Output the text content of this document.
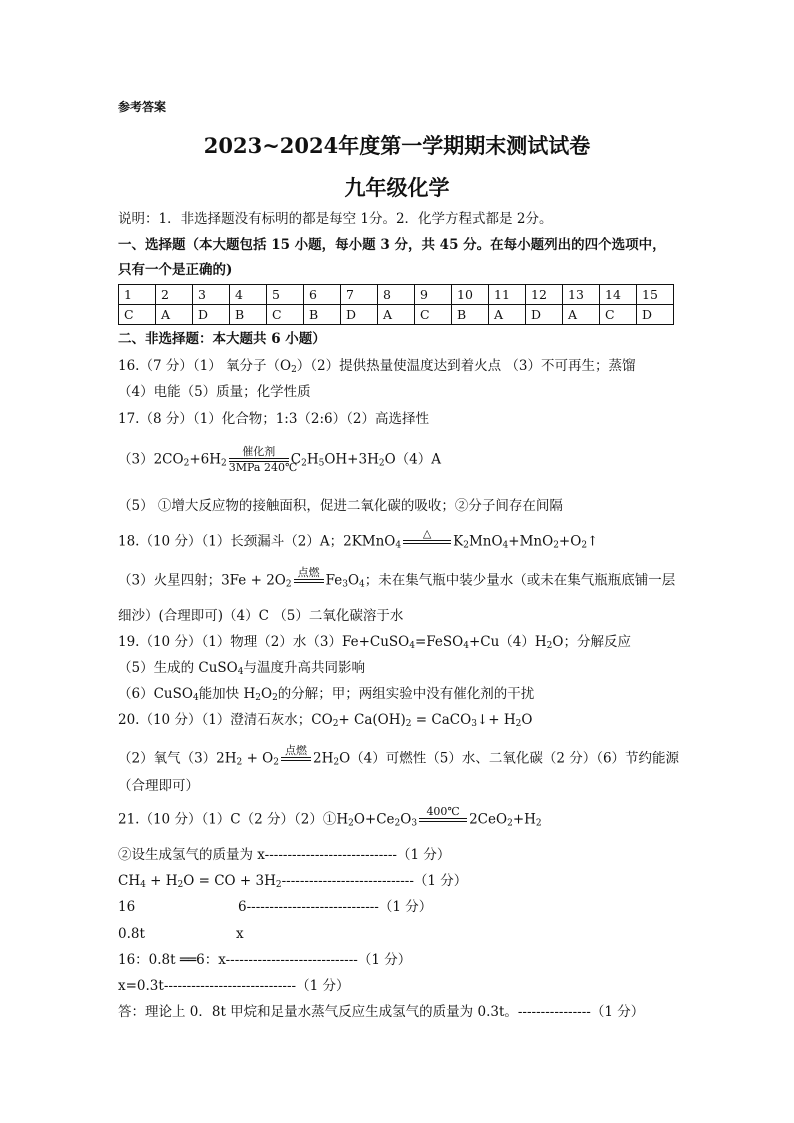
参考答案
2023~2024年度第一学期期末测试试卷
九年级化学
说明：1．非选择题没有标明的都是每空 1分。2．化学方程式都是 2分。
一、选择题（本大题包括 15 小题，每小题 3 分，共 45 分。在每小题列出的四个选项中，
只有一个是正确的)
1	2	3	4	5	6	7	8	9	10	11	12	13	14	15
C	A	D	B	C	B	D	A	C	B	A	D	A	C	D
二、非选择题：本大题共 6 小题）
16.（7 分）（1） 氧分子$(O_2)(2)$提供热量使温度达到着火点 （3）不可再生；蒸馏
（4）电能（5）质量；化学性质
17.（8 分）（1）化合物；1:3（2:6）（2）高选择性
$(3)2CO_2+6H_2$
催化剂
3MPa 240℃
$C_2H_5OH+3H_2O(4)A$
（5） ①增大反应物的接触面积，促进二氧化碳的吸收；②分子间存在间隔
18.（10 分）（1）长颈漏斗（2）A；2KMnO$_4$
△
	$K_2MnO_4+MnO_2+O_2↑$
（3）火星四射；$3Fe + 2O_2$
点燃
$Fe_3O_4$；未在集气瓶中装少量水（或未在集气瓶瓶底铺一层
细沙）(合理即可)（4）C （5）二氧化碳溶于水
19.（10 分）（1）物理（2）水$(3)Fe+CuSO_4=FeSO_4+Cu(4)H_2O$；分解反应
（5）生成的 CuSO$_4$与温度升高共同影响
（6）CuSO$_4$能加快 $H_2O_2$的分解；甲；两组实验中没有催化剂的干扰
20.（10 分）（1）澄清石灰水；$CO_2+ Ca(OH)_2$ = CaCO$_3$↓+ $H_2O$
（2）氧气$(3)2H_2 + O_2$
点燃
$2H_2O(4)$可燃性（5）水、二氧化碳（2 分）（6）节约能源
（合理即可）
21.（10 分）（1）C（2 分）$(2)①H_2O+Ce_2O_3$
400℃
$2CeO_2+H_2$
②设生成氢气的质量为 x-----------------------------（1 分）
$CH_4 + H_2O$ = CO + $3H_2-----------------------------(1$ 分）
16	6-----------------------------（1 分）
0.8t	x
16：0.8t ══6：x-----------------------------（1 分）
x=0.3t-----------------------------（1 分）
答：理论上 0．8t 甲烷和足量水蒸气反应生成氢气的质量为 0.3t。----------------（1 分）
